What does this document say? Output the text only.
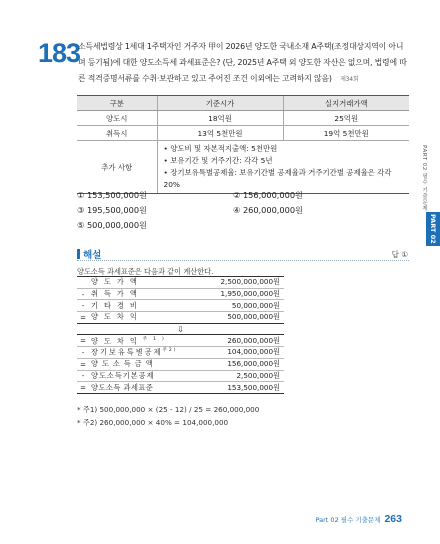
183
소득세법령상 1세대 1주택자인 거주자 甲이 2026년 양도한 국내소재 A주택(조정대상지역이 아니며 등기됨)에 대한 양도소득세 과세표준은? (단, 2025년 A주택 외 양도한 자산은 없으며, 법령에 따른 적격증명서류를 수취·보관하고 있고 주어진 조건 이외에는 고려하지 않음) 제34회
구분	기준시가	실지거래가액
양도시	18억원	25억원
취득시	13억 5천만원	19억 5천만원
추가 사항	• 양도비 및 자본적지출액: 5천만원
• 보유기간 및 거주기간: 각각 5년
• 장기보유특별공제율: 보유기간별 공제율과 거주기간별 공제율은 각각
20%	
① 153,500,000원	② 156,000,000원
③ 195,500,000원	④ 260,000,000원
⑤ 500,000,000원
해설	답 ①
양도소득 과세표준은 다음과 같이 계산한다.
	양도가액	2,500,000,000원
-	취득가액	1,950,000,000원
-	기타경비	50,000,000원
=	양도차익	500,000,000원
⇩		
=	양도차익$^{주1)}$	260,000,000원
-	장기보유특별공제$^{주2)}$	104,000,000원
=	양도소득금액	156,000,000원
-	양도소득기본공제	2,500,000원
=	양도소득 과세표준	153,500,000원
* 주1) 500,000,000 × (25 - 12) / 25 = 260,000,000
* 주2) 260,000,000 × 40% = 104,000,000
PART 02 필수 기출문제
PART 02
Part 02 필수 기출문제 263
